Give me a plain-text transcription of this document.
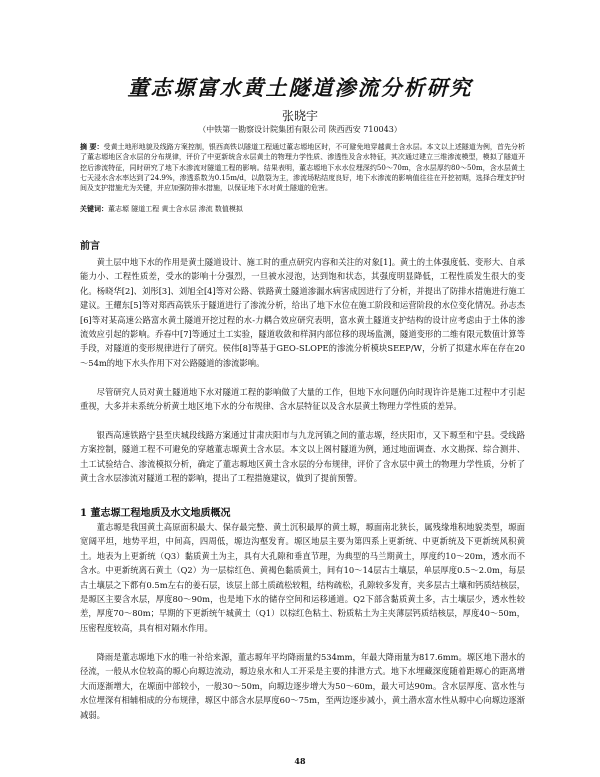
董志塬富水黄土隧道渗流分析研究
张晓宇
（中铁第一勘察设计院集团有限公司 陕西西安 710043）
摘 要：受黄土地形地貌及线路方案控制，银西高铁以隧道工程通过董志塬地区时，不可避免地穿越黄土含水层。本文以上述隧道为例，首先分析了董志塬地区含水层的分布规律，评价了中更新统含水层黄土的物理力学性质、渗透性及含水特征，其次通过建立三维渗流模型，模拟了隧道开挖后渗流特征，同时研究了地下水渗流对隧道工程的影响。结果表明，董志塬地下水水位埋深约50～70m，含水层厚约80～50m，含水层黄土七天浸水含水率达到了24.9%，渗透系数为0.15m/d，以散裂为主，渗流场粘结度良好，地下水渗流的影响值往往在开挖初期，选择合理支护时间及支护措施尤为关键，并应加强防排水措施，以保证地下水对黄土隧道的危害。
关键词：董志塬 隧道工程 黄土含水层 渗流 数值模拟
前言

黄土层中地下水的作用是黄土隧道设计、施工时的重点研究内容和关注的对象[1]。黄土的土体强度低、变形大、自承能力小、工程性质差，受水的影响十分强烈，一旦被水浸泡，达到饱和状态，其强度明显降低，工程性质发生很大的变化。杨晓华[2]、刘彤[3]、刘旭全[4]等对公路、铁路黄土隧道渗漏水病害成因进行了分析，并提出了防排水措施进行施工建议。王耀东[5]等对郑西高铁乐于隧道进行了渗流分析，给出了地下水位在施工阶段和运营阶段的水位变化情况。孙志杰[6]等对某高速公路富水黄土隧道开挖过程的水-力耦合效应研究表明，富水黄土隧道支护结构的设计应考虑由于土体的渗流效应引起的影响。乔春中[7]等通过土工实验，隧道收敛和样洞内部位移的现场监测，隧道变形的二维有限元数值计算等手段，对隧道的变形规律进行了研究。侯伟[8]等基于GEO-SLOPE的渗流分析模块SEEP/W，分析了拟建水库在存在20～54m的地下水头作用下对公路隧道的渗流影响。

尽管研究人员对黄土隧道地下水对隧道工程的影响做了大量的工作，但地下水问题仍向时现许许是施工过程中才引起重视，大多并未系统分析黄土地区地下水的分布规律、含水层特征以及含水层黄土物理力学性质的差异。

银西高速铁路宁县至庆城段线路方案通过甘肃庆阳市与九龙河镇之间的董志塬，经庆阳市，又下塬至和宁县。受线路方案控制，隧道工程不可避免的穿越董志塬黄土含水层。本文以上阁村隧道为例，通过地面调查、水文勘探、综合测井、土工试验结合、渗流模拟分析，确定了董志塬地区黄土含水层的分布规律，评价了含水层中黄土的物理力学性质，分析了黄土含水层渗流对隧道工程的影响，提出了工程措施建议，做到了提前预警。

1 董志塬工程地质及水文地质概况

董志塬是我国黄土高原面积最大、保存最完整、黄土沉积最厚的黄土塬，塬面南北狭长，属残缘堆积地貌类型，塬面宽阔平坦，地势平坦，中间高，四周低，塬边沟壑发育。塬区地层主要为第四系上更新统、中更新统及下更新统风积黄土。地表为上更新统（Q3）黏质黄土为主，具有大孔隙和垂直节理，为典型的马兰期黄土，厚度约10～20m，透水而不含水。中更新统离石黄土（Q2）为一层棕红色、黄褐色黏质黄土，间有10～14层古土壤层，单层厚度0.5～2.0m，每层古土壤层之下都有0.5m左右的姜石层，该层上部土质疏松较粗，结构疏松，孔隙较多发育，夹多层古土壤和钙质结核层，是塬区主要含水层，厚度80～90m，也是地下水的储存空间和运移通道。Q2下部含黏质黄土多，古土壤层少，透水性较差，厚度70～80m；早期的下更新统午城黄土（Q1）以棕红色粘土、粉质粘土为主夹薄层钙质结核层，厚度40～50m，压密程度较高，具有相对隔水作用。

降雨是董志塬地下水的唯一补给来源，董志塬年平均降雨量约534mm，年最大降雨量为817.6mm。塬区地下潜水的径流，一般从水位较高的塬心向塬边流动，塬边泉水和人工开采是主要的排泄方式。地下水埋藏深度随着距塬心的距离增大而逐渐增大，在塬面中部较小，一般30～50m，向塬边逐步增大为50～60m，最大可达90m。含水层厚度、富水性与水位埋深有相辅相成的分布规律，塬区中部含水层厚度60～75m，至两边逐步减小，黄土潜水富水性从塬中心向塬边逐渐减弱。

48
